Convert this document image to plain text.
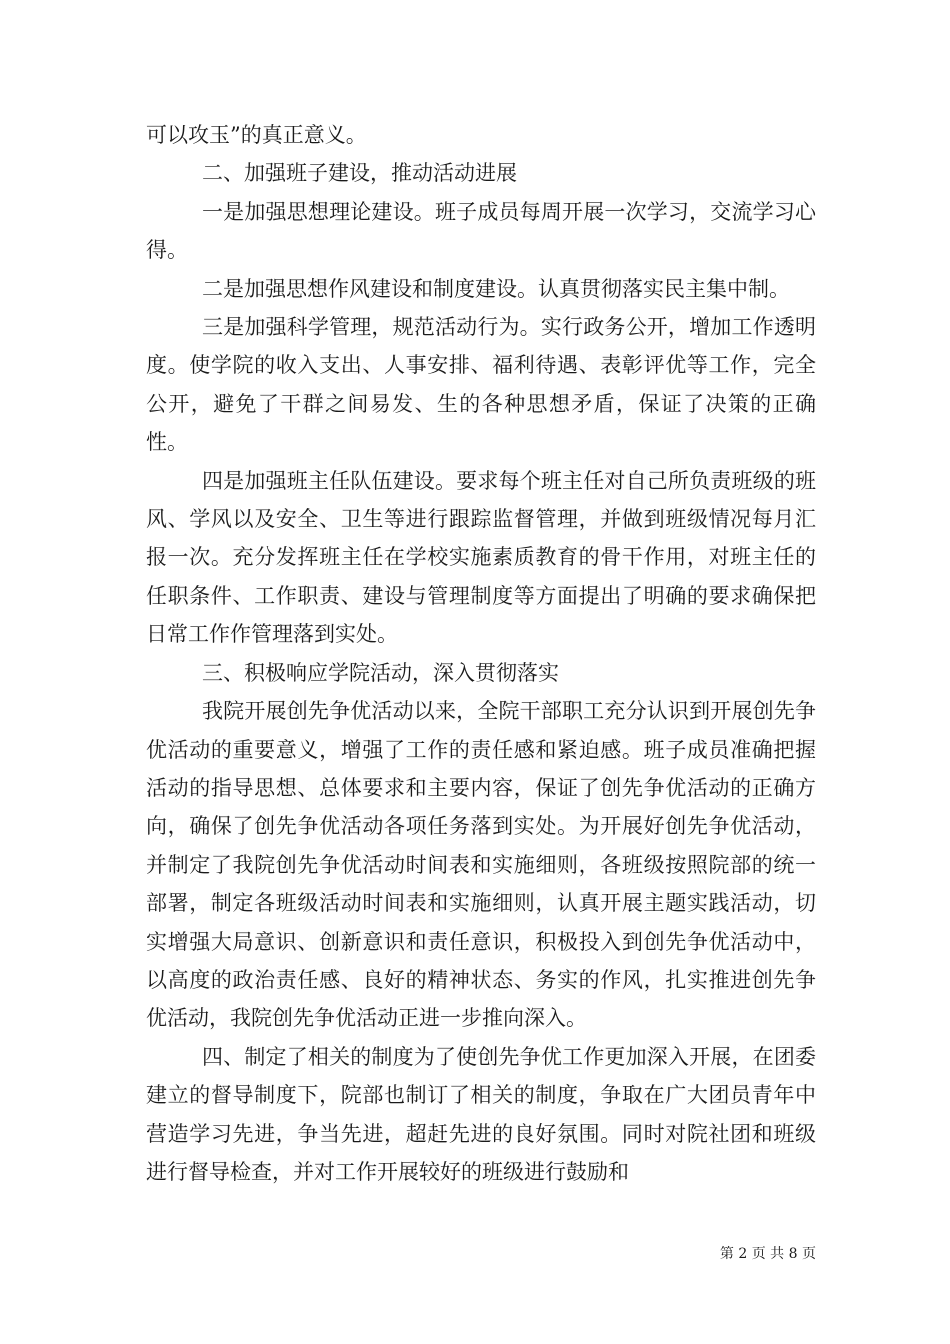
可以攻玉”的真正意义。

二、加强班子建设，推动活动进展

一是加强思想理论建设。班子成员每周开展一次学习，交流学习心得。

二是加强思想作风建设和制度建设。认真贯彻落实民主集中制。

三是加强科学管理，规范活动行为。实行政务公开，增加工作透明度。使学院的收入支出、人事安排、福利待遇、表彰评优等工作，完全公开，避免了干群之间易发、生的各种思想矛盾，保证了决策的正确性。

四是加强班主任队伍建设。要求每个班主任对自己所负责班级的班风、学风以及安全、卫生等进行跟踪监督管理，并做到班级情况每月汇报一次。充分发挥班主任在学校实施素质教育的骨干作用，对班主任的任职条件、工作职责、建设与管理制度等方面提出了明确的要求确保把日常工作作管理落到实处。

三、积极响应学院活动，深入贯彻落实

我院开展创先争优活动以来，全院干部职工充分认识到开展创先争优活动的重要意义，增强了工作的责任感和紧迫感。班子成员准确把握活动的指导思想、总体要求和主要内容，保证了创先争优活动的正确方向，确保了创先争优活动各项任务落到实处。为开展好创先争优活动，并制定了我院创先争优活动时间表和实施细则，各班级按照院部的统一部署，制定各班级活动时间表和实施细则，认真开展主题实践活动，切实增强大局意识、创新意识和责任意识，积极投入到创先争优活动中，以高度的政治责任感、良好的精神状态、务实的作风，扎实推进创先争优活动，我院创先争优活动正进一步推向深入。

四、制定了相关的制度为了使创先争优工作更加深入开展，在团委建立的督导制度下，院部也制订了相关的制度，争取在广大团员青年中营造学习先进，争当先进，超赶先进的良好氛围。同时对院社团和班级进行督导检查，并对工作开展较好的班级进行鼓励和

第 2 页 共 8 页
